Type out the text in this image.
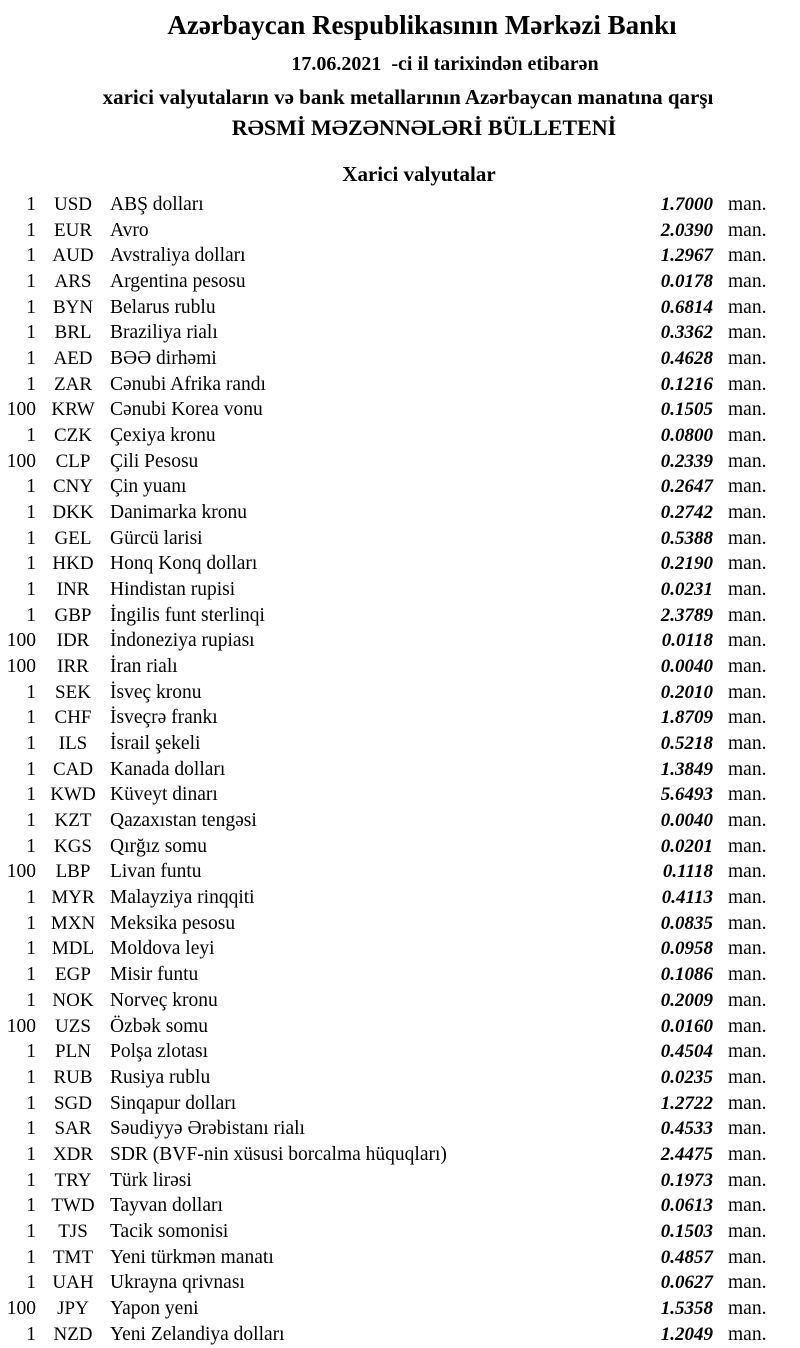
Azərbaycan Respublikasının Mərkəzi Bankı
17.06.2021  -ci il tarixindən etibarən
xarici valyutaların və bank metallarının Azərbaycan manatına qarşı
RƏSMİ MƏZƏNNƏLƏRİ BÜLLETENİ
Xarici valyutalar
1 USD ABŞ dolları	1.7000 man.
1 EUR Avro	2.0390 man.
1 AUD Avstraliya dolları	1.2967 man.
1 ARS Argentina pesosu	0.0178 man.
1 BYN Belarus rublu	0.6814 man.
1 BRL Braziliya rialı	0.3362 man.
1 AED BƏƏ dirhəmi	0.4628 man.
1 ZAR Cənubi Afrika randı	0.1216 man.
100 KRW Cənubi Korea vonu	0.1505 man.
1 CZK Çexiya kronu	0.0800 man.
100	CLP	Çili Pesosu	0.2339 man.
1 CNY Çin yuanı	0.2647 man.
1 DKK Danimarka kronu	0.2742 man.
1 GEL Gürcü larisi	0.5388 man.
1 HKD Honq Konq dolları	0.2190 man.
1	INR	Hindistan rupisi	0.0231 man.
1 GBP İngilis funt sterlinqi	2.3789 man.
100	IDR	İndoneziya rupiası	0.0118 man.
100	IRR	İran rialı	0.0040 man.
1	SEK İsveç kronu	0.2010 man.
1 CHF İsveçrə frankı	1.8709 man.
1	ILS	İsrail şekeli	0.5218 man.
1 CAD Kanada dolları	1.3849 man.
1 KWD Küveyt dinarı	5.6493 man.
1 KZT Qazaxıstan tengəsi	0.0040 man.
1 KGS Qırğız somu	0.0201 man.
100	LBP	Livan funtu	0.1118 man.
1 MYR Malayziya rinqqiti	0.4113 man.
1 MXN Meksika pesosu	0.0835 man.
1 MDL Moldova leyi	0.0958 man.
1	EGP Misir funtu	0.1086 man.
1 NOK Norveç kronu	0.2009 man.
100	UZS Özbək somu	0.0160 man.
1	PLN Polşa zlotası	0.4504 man.
1 RUB Rusiya rublu	0.0235 man.
1 SGD Sinqapur dolları	1.2722 man.
1 SAR Səudiyyə Ərəbistanı rialı	0.4533 man.
1 XDR SDR (BVF-nin xüsusi borcalma hüquqları)	2.4475 man.
1 TRY Türk lirəsi	0.1973 man.
1 TWD Tayvan dolları	0.0613 man.
1	TJS	Tacik somonisi	0.1503 man.
1 TMT Yeni türkmən manatı	0.4857 man.
1 UAH Ukrayna qrivnası	0.0627 man.
100	JPY	Yapon yeni	1.5358 man.
1 NZD Yeni Zelandiya dolları	1.2049 man.
